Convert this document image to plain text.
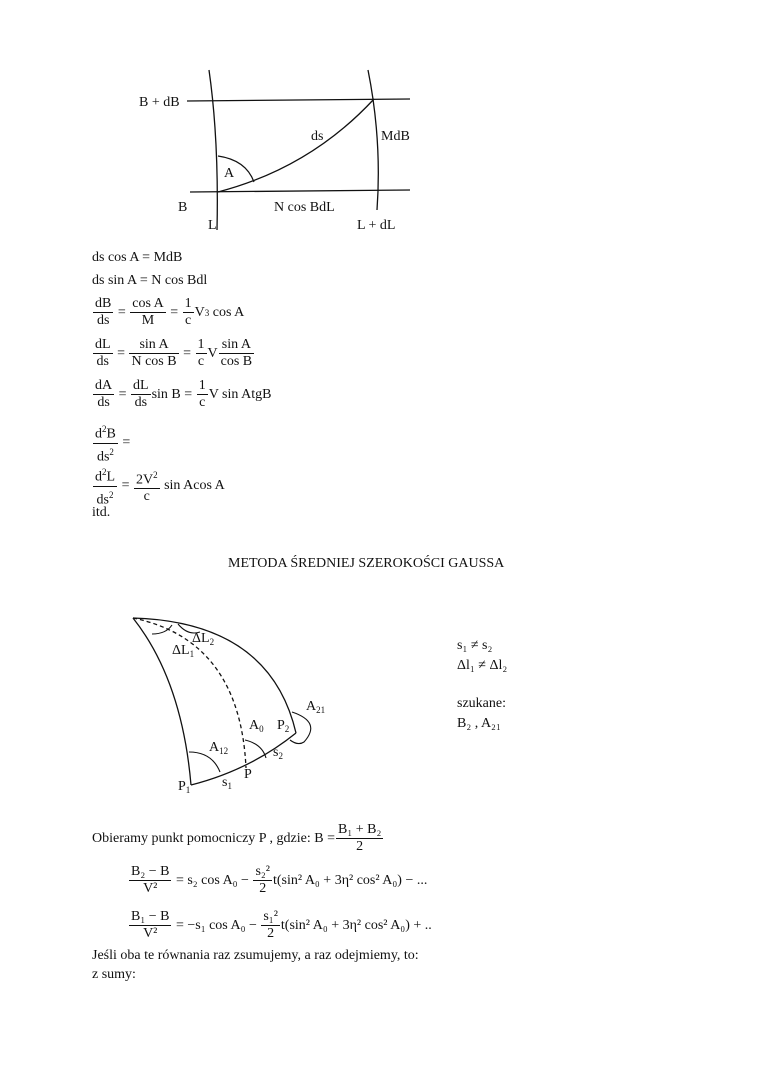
B + dB
ds	MdB
A
B	N cos BdL
L	L + dL
ds cos A = MdB
ds sin A = N cos Bdl
$\frac{dB}{ds} = \frac{\text{cos A}}{M} = \frac{1}{c}$ V 3 cos A
$\frac{dL}{ds} = \frac{\text{sin A}}{\text{N cos B}} = \frac{1}{c}$ V $\frac{\text{sin A}}{\text{cos B}}$
$\frac{dA}{ds} = \frac{dL}{ds}$ $\sin B = \frac{1}{c}$ V sin AtgB
$\frac{d^2B}{ds^2}$ =
$\frac{d^2L}{ds^2} = \frac{2V^2}{c}$
sin Acos A
itd.
METODA ŚREDNIEJ SZEROKOŚCI GAUSSA
$\Delta L_2$
$\Delta L_1$
$A_{21}$
$A_0$ $P_2$
$s_2$
$A_{12}$
P
$P_1$ $s_1$
s₁ ≠ s₂
Δl₁ ≠ Δl₂
szukane:
B₂ , A₂₁
Obieramy punkt pomocniczy P , gdzie:
$B = \frac{\text{B₁ + B₂}}{2}$
$\frac{\text{B₂ − B}}{\text{V²}}$
= s₂ cos A₀ −
$\frac{\text{s₂²}}{2} t(\sin^2$ A₀ + 3η² cos² A₀) − ...
$\frac{\text{B₁ − B}}{\text{V²}}$
= −s₁ cos A₀ −
$\frac{\text{s₁²}}{2} t(\sin^2$ A₀ + 3η² cos² A₀) + ..
Jeśli oba te równania raz zsumujemy, a raz odejmiemy, to:
z sumy:
